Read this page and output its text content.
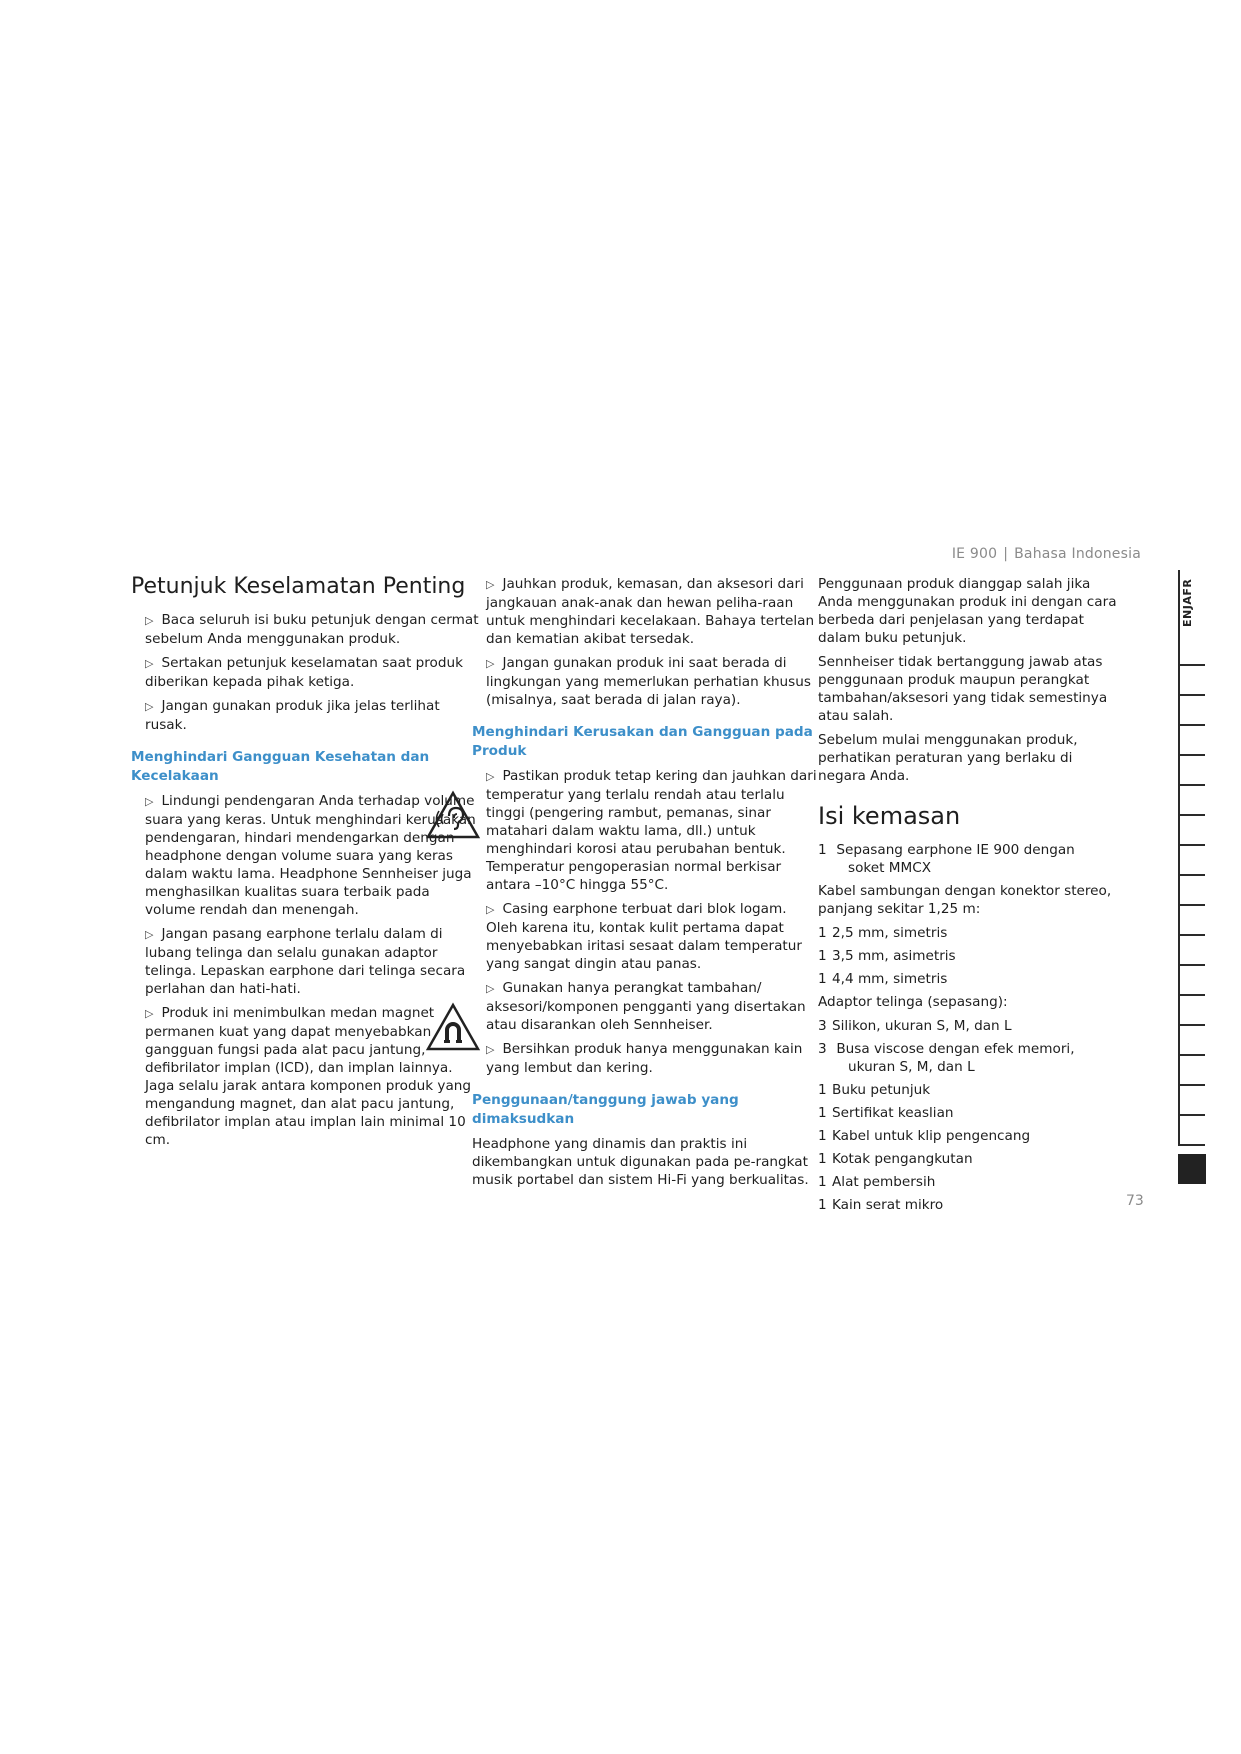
IE 900 | Bahasa Indonesia
Petunjuk Keselamatan Penting
▷ Baca seluruh isi buku petunjuk dengan cermat sebelum Anda menggunakan produk.
▷ Sertakan petunjuk keselamatan saat produk diberikan kepada pihak ketiga.
▷ Jangan gunakan produk jika jelas terlihat rusak.
Menghindari Gangguan Kesehatan dan Kecelakaan
▷ Lindungi pendengaran Anda terhadap volume suara yang keras. Untuk menghindari kerusakan pendengaran, hindari mendengarkan dengan headphone dengan volume suara yang keras dalam waktu lama. Headphone Sennheiser juga menghasilkan kualitas suara terbaik pada volume rendah dan menengah.
▷ Jangan pasang earphone terlalu dalam di lubang telinga dan selalu gunakan adaptor telinga. Lepaskan earphone dari telinga secara perlahan dan hati-hati.
▷ Produk ini menimbulkan medan magnet permanen kuat yang dapat menyebabkan gangguan fungsi pada alat pacu jantung, defibrilator implan (ICD), dan implan lainnya. Jaga selalu jarak antara komponen produk yang mengandung magnet, dan alat pacu jantung, defibrilator implan atau implan lain minimal 10 cm.
▷ Jauhkan produk, kemasan, dan aksesori dari jangkauan anak-anak dan hewan peliha-raan untuk menghindari kecelakaan. Bahaya tertelan dan kematian akibat tersedak.
▷ Jangan gunakan produk ini saat berada di lingkungan yang memerlukan perhatian khusus (misalnya, saat berada di jalan raya).
Menghindari Kerusakan dan Gangguan pada Produk
▷ Pastikan produk tetap kering dan jauhkan dari temperatur yang terlalu rendah atau terlalu tinggi (pengering rambut, pemanas, sinar matahari dalam waktu lama, dll.) untuk menghindari korosi atau perubahan bentuk. Temperatur pengoperasian normal berkisar antara –10°C hingga 55°C.
▷ Casing earphone terbuat dari blok logam. Oleh karena itu, kontak kulit pertama dapat menyebabkan iritasi sesaat dalam temperatur yang sangat dingin atau panas.
▷ Gunakan hanya perangkat tambahan/ aksesori/komponen pengganti yang disertakan atau disarankan oleh Sennheiser.
▷ Bersihkan produk hanya menggunakan kain yang lembut dan kering.
Penggunaan/tanggung jawab yang dimaksudkan
Headphone yang dinamis dan praktis ini dikembangkan untuk digunakan pada pe-rangkat musik portabel dan sistem Hi-Fi yang berkualitas.
Penggunaan produk dianggap salah jika Anda menggunakan produk ini dengan cara berbeda dari penjelasan yang terdapat dalam buku petunjuk.
Sennheiser tidak bertanggung jawab atas penggunaan produk maupun perangkat tambahan/aksesori yang tidak semestinya atau salah.
Sebelum mulai menggunakan produk, perhatikan peraturan yang berlaku di negara Anda.
Isi kemasan
1 Sepasang earphone IE 900 dengan
soket MMCX
Kabel sambungan dengan konektor stereo, panjang sekitar 1,25 m:
1 2,5 mm, simetris
1 3,5 mm, asimetris
1 4,4 mm, simetris
Adaptor telinga (sepasang):
3 Silikon, ukuran S, M, dan L
3 Busa viscose dengan efek memori,
ukuran S, M, dan L
1 Buku petunjuk
1 Sertifikat keaslian
1 Kabel untuk klip pengencang
1 Kotak pengangkutan
1 Alat pembersih
1 Kain serat mikro
ENJAFR
73
